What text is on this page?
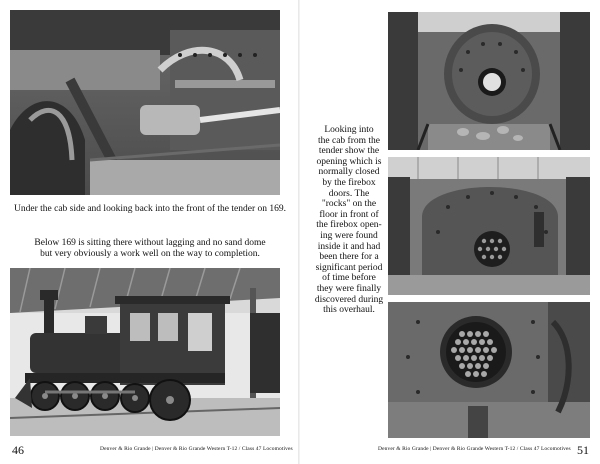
Under the cab side and looking back into the front of the tender on 169.
Below 169 is sitting there without lagging and no sand dome
but very obviously a work well on the way to completion.
46	Denver & Rio Grande | Denver & Rio Grande Western T-12 / Class 47 Locomotives
Looking into
the cab from the
tender show the
opening which is
normally closed
by the firebox
doors. The
"rocks" on the
floor in front of
the firebox open-
ing were found
inside it and had
been there for a
significant period
of time before
they were finally
discovered during
this overhaul.
Denver & Rio Grande | Denver & Rio Grande Western T-12 / Class 47 Locomotives 51
